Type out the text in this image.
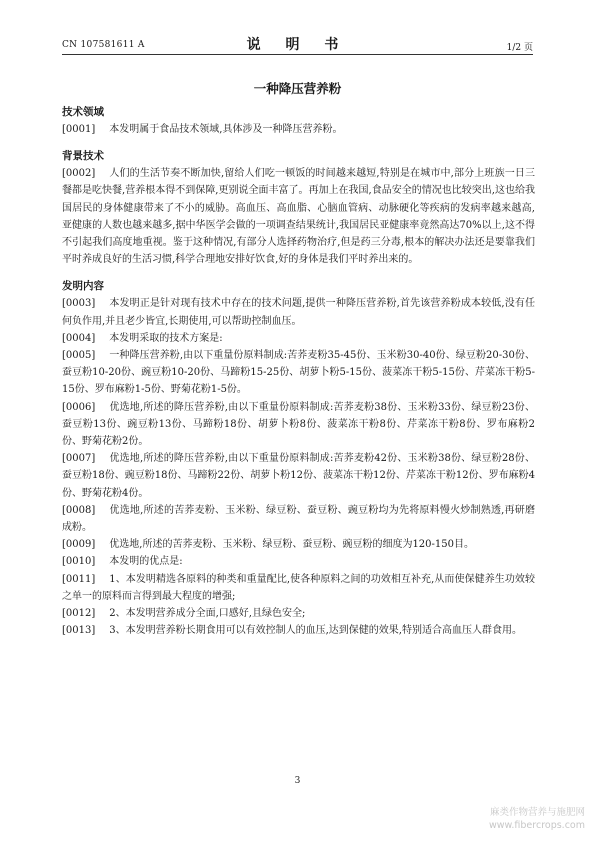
CN 107581611 A	说 明 书	1/2 页
一种降压营养粉
技术领域
[0001] 本发明属于食品技术领域,具体涉及一种降压营养粉。
背景技术
[0002] 人们的生活节奏不断加快,留给人们吃一顿饭的时间越来越短,特别是在城市中,部分上班族一日三餐都是吃快餐,营养根本得不到保障,更别说全面丰富了。再加上在我国,食品安全的情况也比较突出,这也给我国居民的身体健康带来了不小的威胁。高血压、高血脂、心脑血管病、动脉硬化等疾病的发病率越来越高,亚健康的人数也越来越多,据中华医学会做的一项调查结果统计,我国居民亚健康率竟然高达70%以上,这不得不引起我们高度地重视。鉴于这种情况,有部分人选择药物治疗,但是药三分毒,根本的解决办法还是要靠我们平时养成良好的生活习惯,科学合理地安排好饮食,好的身体是我们平时养出来的。
发明内容
[0003] 本发明正是针对现有技术中存在的技术问题,提供一种降压营养粉,首先该营养粉成本较低,没有任何负作用,并且老少皆宜,长期使用,可以帮助控制血压。
[0004] 本发明采取的技术方案是:
[0005] 一种降压营养粉,由以下重量份原料制成:苦荞麦粉35-45份、玉米粉30-40份、绿豆粉20-30份、蚕豆粉10-20份、豌豆粉10-20份、马蹄粉15-25份、胡萝卜粉5-15份、菠菜冻干粉5-15份、芹菜冻干粉5-15份、罗布麻粉1-5份、野菊花粉1-5份。
[0006] 优选地,所述的降压营养粉,由以下重量份原料制成:苦荞麦粉38份、玉米粉33份、绿豆粉23份、蚕豆粉13份、豌豆粉13份、马蹄粉18份、胡萝卜粉8份、菠菜冻干粉8份、芹菜冻干粉8份、罗布麻粉2份、野菊花粉2份。
[0007] 优选地,所述的降压营养粉,由以下重量份原料制成:苦荞麦粉42份、玉米粉38份、绿豆粉28份、蚕豆粉18份、豌豆粉18份、马蹄粉22份、胡萝卜粉12份、菠菜冻干粉12份、芹菜冻干粉12份、罗布麻粉4份、野菊花粉4份。
[0008] 优选地,所述的苦荞麦粉、玉米粉、绿豆粉、蚕豆粉、豌豆粉均为先将原料慢火炒制熟透,再研磨成粉。
[0009] 优选地,所述的苦荞麦粉、玉米粉、绿豆粉、蚕豆粉、豌豆粉的细度为120-150目。
[0010] 本发明的优点是:
[0011] 1、本发明精选各原料的种类和重量配比,使各种原料之间的功效相互补充,从而使保健养生功效较之单一的原料而言得到最大程度的增强;
[0012] 2、本发明营养成分全面,口感好,且绿色安全;
[0013] 3、本发明营养粉长期食用可以有效控制人的血压,达到保健的效果,特别适合高血压人群食用。
3
麻类作物营养与施肥网
www.fibercrops.com
